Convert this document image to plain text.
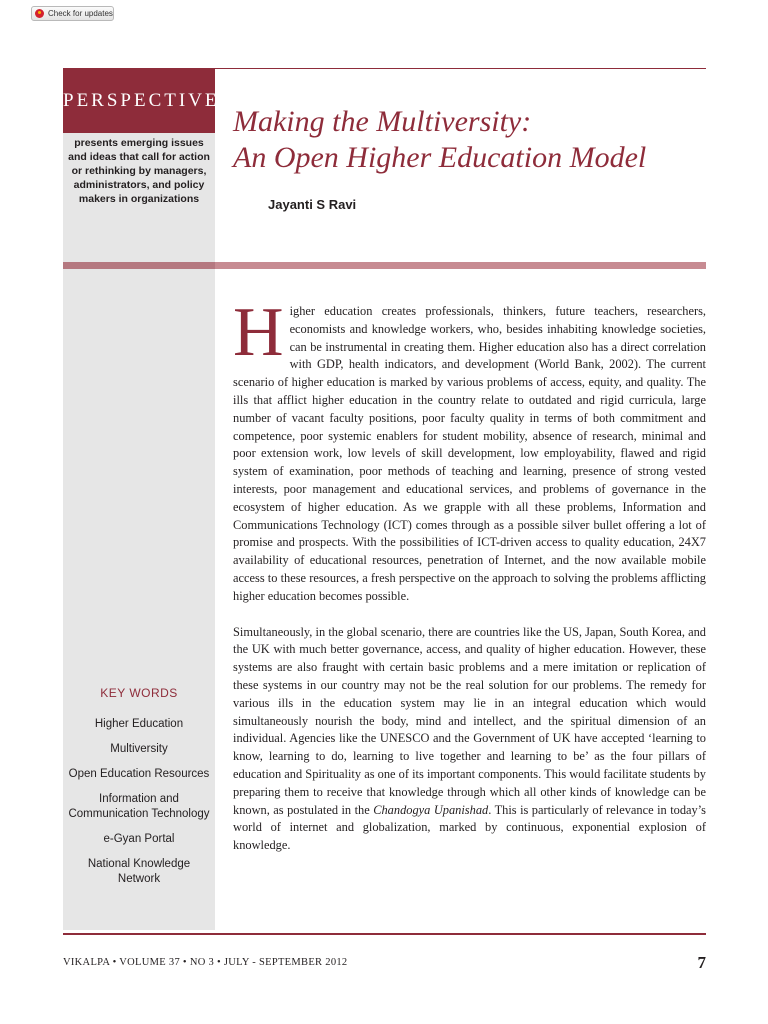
Check for updates
PERSPECTIVES
presents emerging issues and ideas that call for action or rethinking by managers, administrators, and policy makers in organizations
Making the Multiversity:
An Open Higher Education Model
Jayanti S Ravi

Higher education creates professionals, thinkers, future teachers, researchers, economists and knowledge workers, who, besides inhabiting knowledge societies, can be instrumental in creating them. Higher education also has a direct correlation with GDP, health indicators, and development (World Bank, 2002). The current scenario of higher education is marked by various problems of access, equity, and quality. The ills that afflict higher education in the country relate to outdated and rigid curricula, large number of vacant faculty positions, poor faculty quality in terms of both commitment and competence, poor systemic enablers for student mobility, absence of research, minimal and poor extension work, low levels of skill development, low employability, flawed and rigid system of examination, poor methods of teaching and learning, presence of strong vested interests, poor management and educational services, and problems of governance in the ecosystem of higher education. As we grapple with all these problems, Information and Communications Technology (ICT) comes through as a possible silver bullet offering a lot of promise and prospects. With the possibilities of ICT-driven access to quality education, 24X7 availability of educational resources, penetration of Internet, and the now available mobile access to these resources, a fresh perspective on the approach to solving the problems afflicting higher education becomes possible.

Simultaneously, in the global scenario, there are countries like the US, Japan, South Korea, and the UK with much better governance, access, and quality of higher education. However, these systems are also fraught with certain basic problems and a mere imitation or replication of these systems in our country may not be the real solution for our problems. The remedy for various ills in the education system may lie in an integral education which would simultaneously nourish the body, mind and intellect, and the spiritual dimension of an individual. Agencies like the UNESCO and the Government of UK have accepted ‘learning to know, learning to do, learning to live together and learning to be’ as the four pillars of education and Spirituality as one of its important components. This would facilitate students by preparing them to receive that knowledge through which all other kinds of knowledge can be known, as postulated in the Chandogya Upanishad. This is particularly of relevance in today’s world of internet and globalization, marked by continuous, exponential explosion of knowledge.

KEY WORDS
Higher Education
Multiversity
Open Education Resources
Information and Communication Technology
e-Gyan Portal
National Knowledge Network
VIKALPA • VOLUME 37 • NO 3 • JULY - SEPTEMBER 2012	7
